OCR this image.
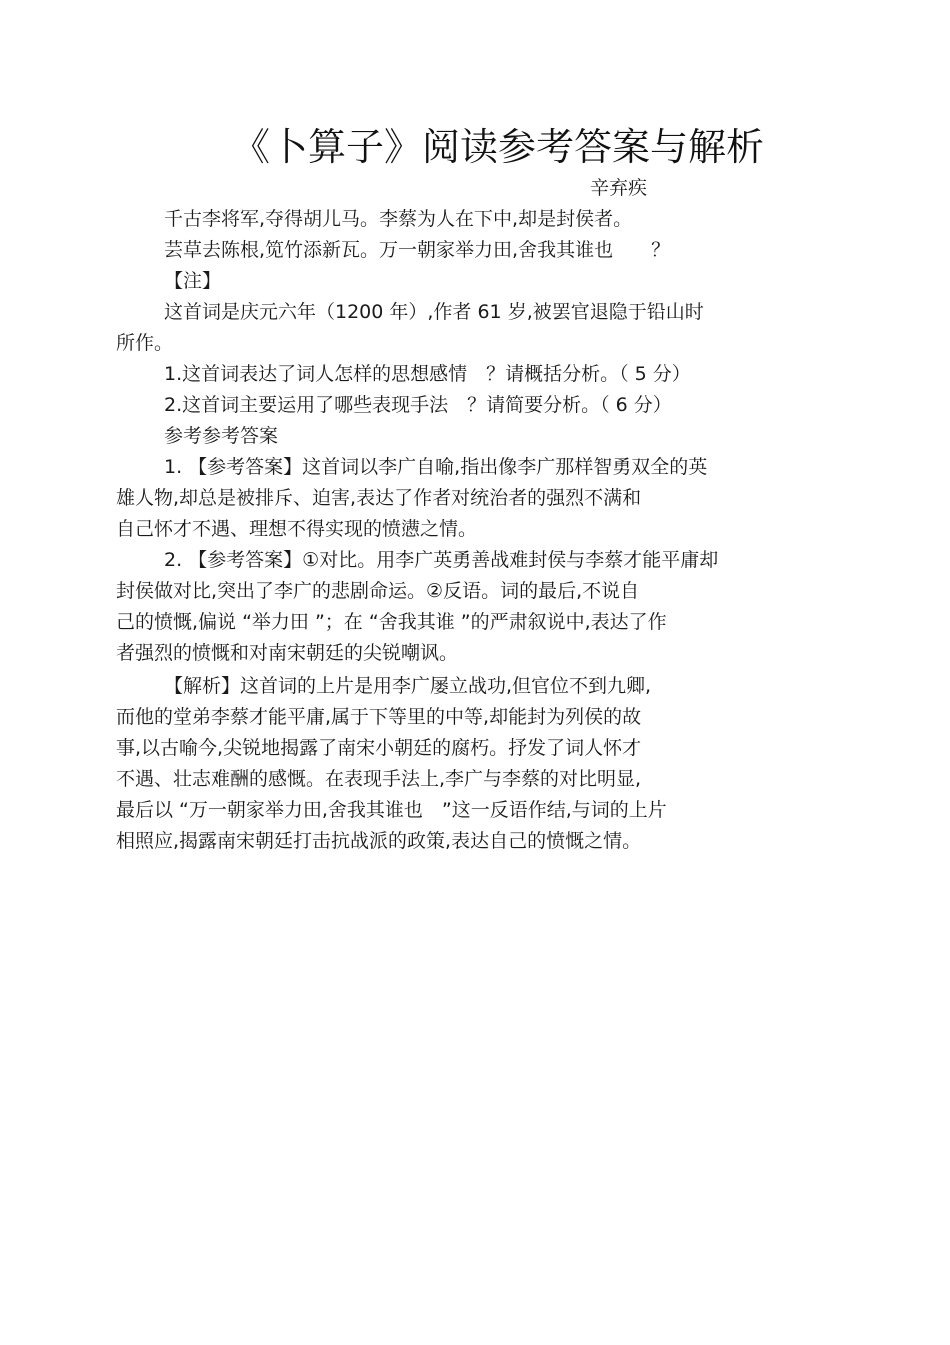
《卜算子》阅读参考答案与解析
辛弃疾
千古李将军,夺得胡儿马。李蔡为人在下中,却是封侯者。
芸草去陈根,笕竹添新瓦。万一朝家举力田,舍我其谁也　　？
【注】
这首词是庆元六年（1200 年）,作者 61 岁,被罢官退隐于铅山时
所作。
1.这首词表达了词人怎样的思想感情　？请概括分析。（ 5 分）
2.这首词主要运用了哪些表现手法　？请简要分析。（ 6 分）
参考参考答案
1. 【参考答案】这首词以李广自喻,指出像李广那样智勇双全的英
雄人物,却总是被排斥、迫害,表达了作者对统治者的强烈不满和
自己怀才不遇、理想不得实现的愤懑之情。
2. 【参考答案】①对比。用李广英勇善战难封侯与李蔡才能平庸却
封侯做对比,突出了李广的悲剧命运。②反语。词的最后,不说自
己的愤慨,偏说 “举力田 ”；在 “舍我其谁 ”的严肃叙说中,表达了作
者强烈的愤慨和对南宋朝廷的尖锐嘲讽。
【解析】这首词的上片是用李广屡立战功,但官位不到九卿,
而他的堂弟李蔡才能平庸,属于下等里的中等,却能封为列侯的故
事,以古喻今,尖锐地揭露了南宋小朝廷的腐朽。抒发了词人怀才
不遇、壮志难酬的感慨。在表现手法上,李广与李蔡的对比明显,
最后以 “万一朝家举力田,舍我其谁也　”这一反语作结,与词的上片
相照应,揭露南宋朝廷打击抗战派的政策,表达自己的愤慨之情。
